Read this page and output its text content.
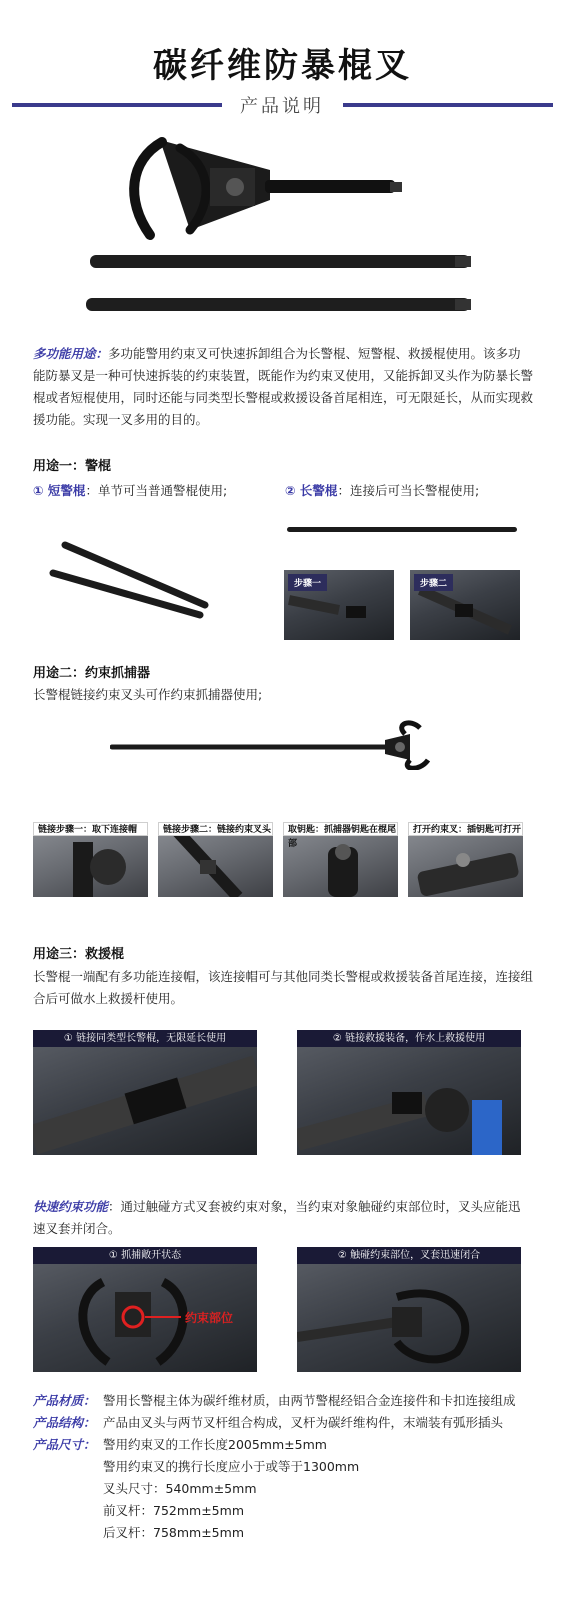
碳纤维防暴棍叉
产品说明
多功能用途：多功能警用约束叉可快速拆卸组合为长警棍、短警棍、救援棍使用。该多功能防暴叉是一种可快速拆装的约束装置，既能作为约束叉使用，又能拆卸叉头作为防暴长警棍或者短棍使用，同时还能与同类型长警棍或救援设备首尾相连，可无限延长，从而实现救援功能。实现一叉多用的目的。
用途一：警棍
① 短警棍：单节可当普通警棍使用;	② 长警棍：连接后可当长警棍使用;
步骤一	步骤二
用途二：约束抓捕器
长警棍链接约束叉头可作约束抓捕器使用;
链接步骤一：取下连接帽	链接步骤二：链接约束叉头	取钥匙：抓捕器钥匙在棍尾部
打开约束叉：插钥匙可打开
用途三：救援棍
长警棍一端配有多功能连接帽，该连接帽可与其他同类长警棍或救援装备首尾连接，连接组合后可做水上救援杆使用。
① 链接同类型长警棍，无限延长使用	② 链接救援装备，作水上救援使用
快速约束功能：通过触碰方式叉套被约束对象，当约束对象触碰约束部位时，叉头应能迅速叉套并闭合。
约束部位
① 抓捕敞开状态	② 触碰约束部位，叉套迅速闭合
产品材质： 警用长警棍主体为碳纤维材质，由两节警棍经铝合金连接件和卡扣连接组成
产品结构： 产品由叉头与两节叉杆组合构成，叉杆为碳纤维构件，末端装有弧形插头
产品尺寸： 警用约束叉的工作长度2005mm±5mm
警用约束叉的携行长度应小于或等于1300mm
叉头尺寸：540mm±5mm
前叉杆：752mm±5mm
后叉杆：758mm±5mm
